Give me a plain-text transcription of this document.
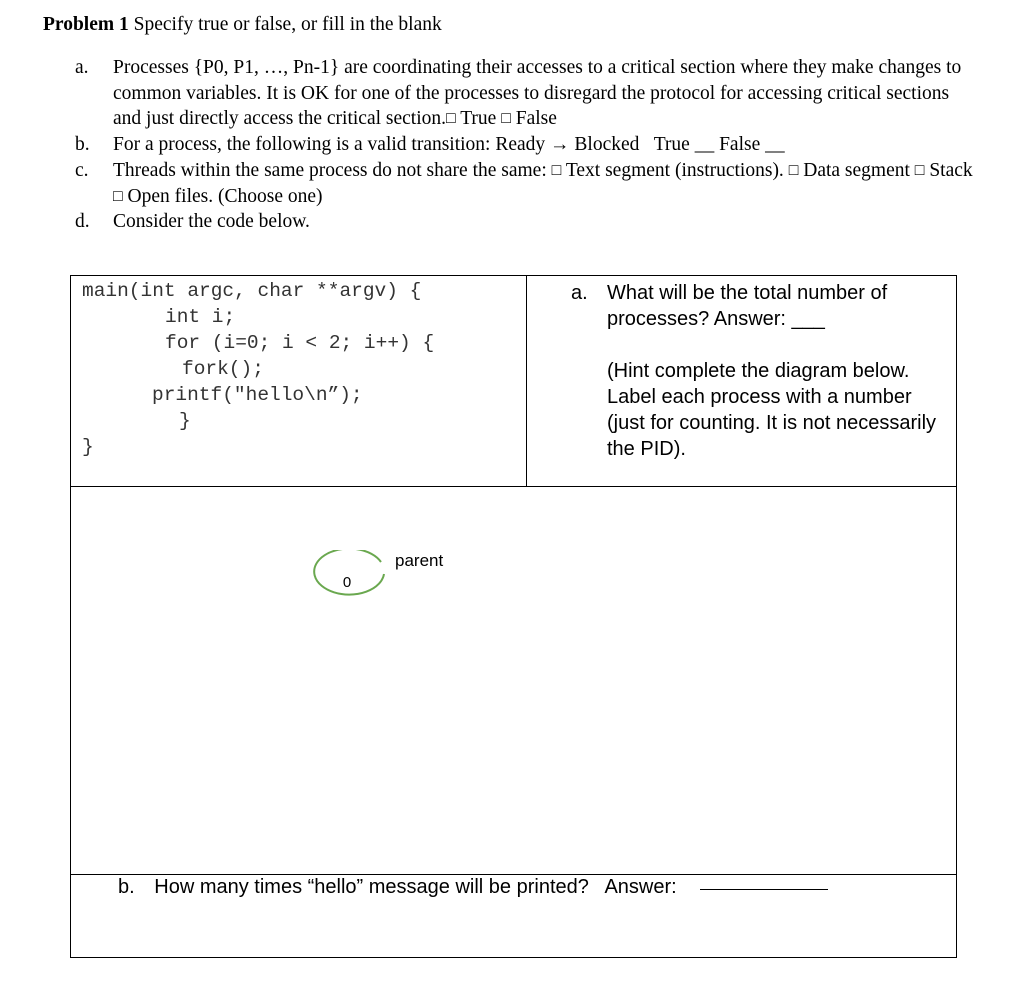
Problem 1 Specify true or false, or fill in the blank
a.	Processes {P0, P1, …, Pn-1} are coordinating their accesses to a critical section where they make changes to common variables. It is OK for one of the processes to disregard the protocol for accessing critical sections and just directly access the critical section.□ True □ False
b.	For a process, the following is a valid transition: Ready → Blocked True __ False __
c.	Threads within the same process do not share the same: □ Text segment (instructions). □ Data segment □ Stack □ Open files. (Choose one)
d.	Consider the code below.
main(int argc, char **argv) {
int i;
for (i=0; i < 2; i++) {
fork();
printf("hello\n”);
}
}
a. What will be the total number of processes? Answer: ___
(Hint complete the diagram below. Label each process with a number (just for counting. It is not necessarily the PID).
0
parent
b. How many times “hello” message will be printed? Answer:
